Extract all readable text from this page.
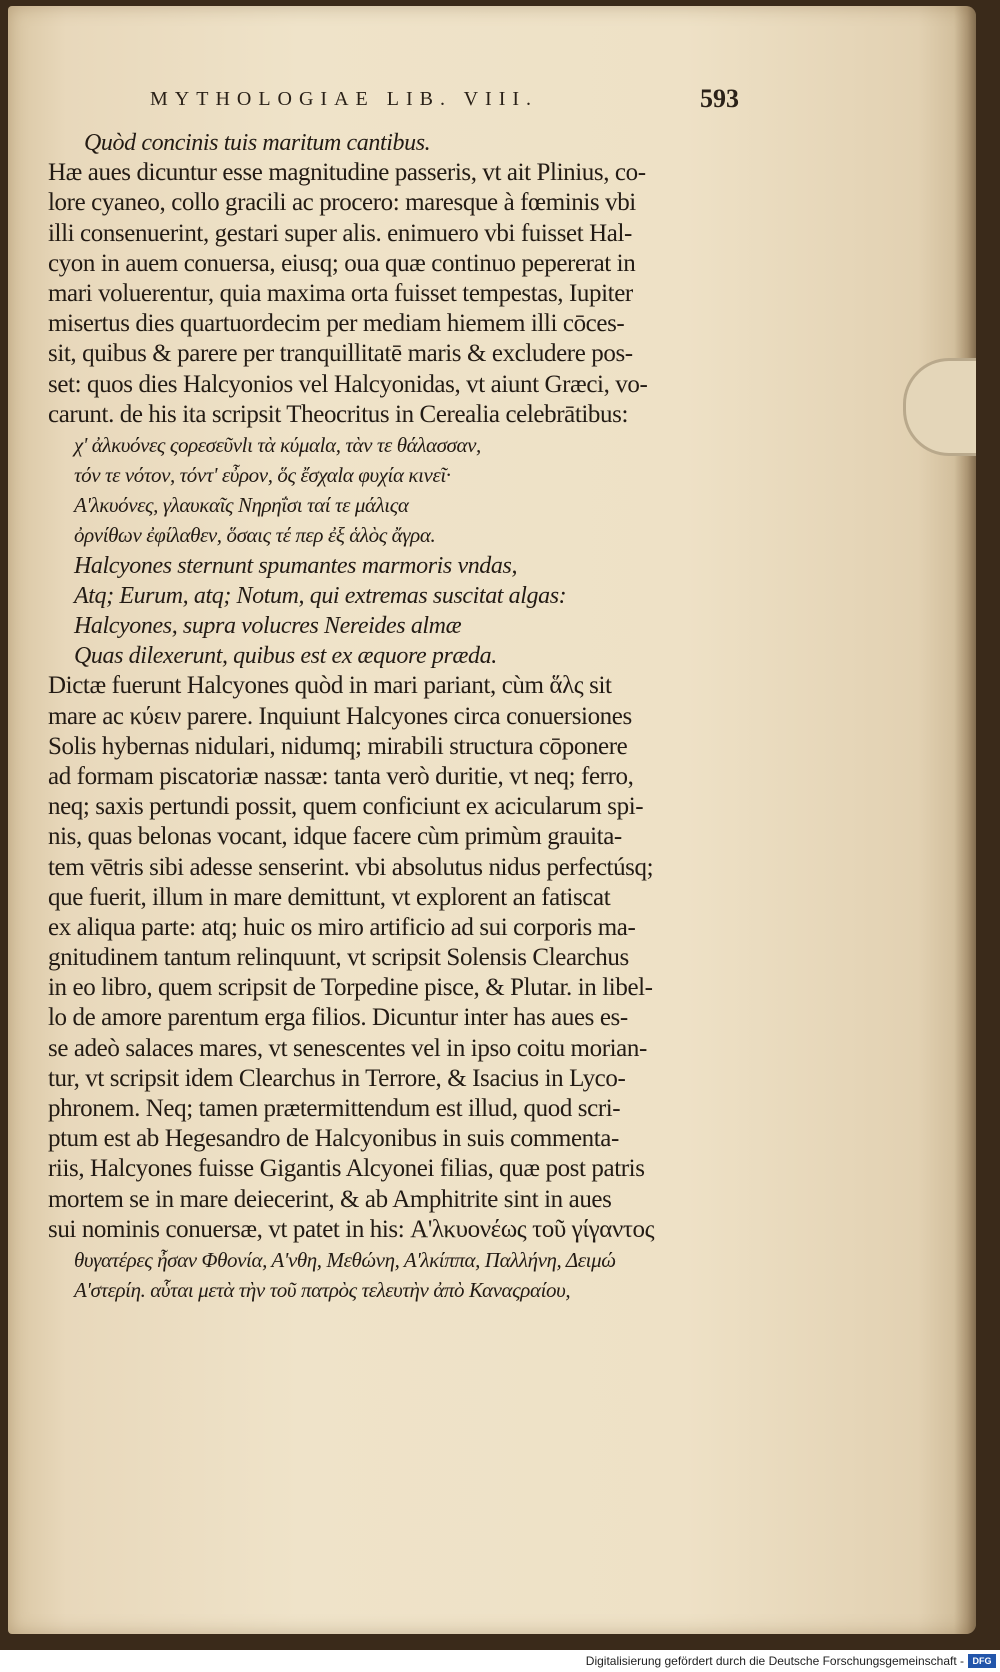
MYTHOLOGIAE LIB. VIII.	593
Quòd concinis tuis maritum cantibus.
Hæ aues dicuntur esse magnitudine passeris, vt ait Plinius, co-
lore cyaneo, collo gracili ac procero: maresque à fœminis vbi
illi consenuerint, gestari super alis. enimuero vbi fuisset Hal-
cyon in auem conuersa, eiusq; oua quæ continuo pepererat in
mari voluerentur, quia maxima orta fuisset tempestas, Iupiter
misertus dies quartuordecim per mediam hiemem illi cōces-
sit, quibus & parere per tranquillitatē maris & excludere pos-
set: quos dies Halcyonios vel Halcyonidas, vt aiunt Græci, vo-
carunt. de his ita scripsit Theocritus in Cerealia celebrātibus:
χ' ἀλκυόνες ςορεσεῦνlι τὰ κύμαlα, τὰν τε θάλασσαν,
τόν τε νότον, τόντ' εὖρον, ὅς ἔσχαlα φυχία κινεῖ·
Α'λκυόνες, γλαυκαῖς Νηρηΐσι ταί τε μάλιςα
ὀρνίθων ἐφίλαθεν, ὅσαις τέ περ ἐξ ἁλὸς ἄγρα.
Halcyones sternunt spumantes marmoris vndas,
Atq; Eurum, atq; Notum, qui extremas suscitat algas:
Halcyones, supra volucres Nereides almæ
Quas dilexerunt, quibus est ex æquore præda.
Dictæ fuerunt Halcyones quòd in mari pariant, cùm ἅλς sit
mare ac κύειν parere. Inquiunt Halcyones circa conuersiones
Solis hybernas nidulari, nidumq; mirabili structura cōponere
ad formam piscatoriæ nassæ: tanta verò duritie, vt neq; ferro,
neq; saxis pertundi possit, quem conficiunt ex acicularum spi-
nis, quas belonas vocant, idque facere cùm primùm grauita-
tem vētris sibi adesse senserint. vbi absolutus nidus perfectúsq;
que fuerit, illum in mare demittunt, vt explorent an fatiscat
ex aliqua parte: atq; huic os miro artificio ad sui corporis ma-
gnitudinem tantum relinquunt, vt scripsit Solensis Clearchus
in eo libro, quem scripsit de Torpedine pisce, & Plutar. in libel-
lo de amore parentum erga filios. Dicuntur inter has aues es-
se adeò salaces mares, vt senescentes vel in ipso coitu morian-
tur, vt scripsit idem Clearchus in Terrore, & Isacius in Lyco-
phronem. Neq; tamen prætermittendum est illud, quod scri-
ptum est ab Hegesandro de Halcyonibus in suis commenta-
riis, Halcyones fuisse Gigantis Alcyonei filias, quæ post patris
mortem se in mare deiecerint, & ab Amphitrite sint in aues
sui nominis conuersæ, vt patet in his: Α'λκυονέως τοῦ γίγαντος
θυγατέρες ἦσαν Φθονία, Α'νθη, Μεθώνη, Α'λκίππα, Παλλήνη, Δειμώ
Α'στερίη. αὗται μετὰ τὴν τοῦ πατρὸς τελευτὴν ἀπὸ Καναςραίου,
Digitalisierung gefördert durch die Deutsche Forschungsgemeinschaft - DFG
